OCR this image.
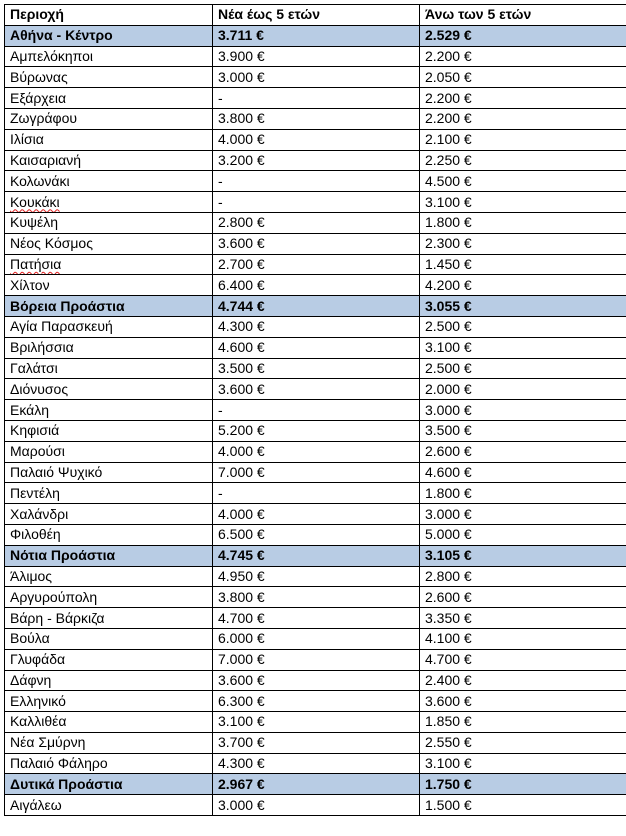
Περιοχή	Νέα έως 5 ετών	Άνω των 5 ετών
Αθήνα - Κέντρο	3.711 €	2.529 €
Αμπελόκηποι	3.900 €	2.200 €
Βύρωνας	3.000 €	2.050 €
Εξάρχεια	-	2.200 €
Ζωγράφου	3.800 €	2.200 €
Ιλίσια	4.000 €	2.100 €
Καισαριανή	3.200 €	2.250 €
Κολωνάκι	-	4.500 €
Κουκάκι	-	3.100 €
Κυψέλη	2.800 €	1.800 €
Νέος Κόσμος	3.600 €	2.300 €
Πατήσια	2.700 €	1.450 €
Χίλτον	6.400 €	4.200 €
Βόρεια Προάστια	4.744 €	3.055 €
Αγία Παρασκευή	4.300 €	2.500 €
Βριλήσσια	4.600 €	3.100 €
Γαλάτσι	3.500 €	2.500 €
Διόνυσος	3.600 €	2.000 €
Εκάλη	-	3.000 €
Κηφισιά	5.200 €	3.500 €
Μαρούσι	4.000 €	2.600 €
Παλαιό Ψυχικό	7.000 €	4.600 €
Πεντέλη	-	1.800 €
Χαλάνδρι	4.000 €	3.000 €
Φιλοθέη	6.500 €	5.000 €
Νότια Προάστια	4.745 €	3.105 €
Άλιμος	4.950 €	2.800 €
Αργυρούπολη	3.800 €	2.600 €
Βάρη - Βάρκιζα	4.700 €	3.350 €
Βούλα	6.000 €	4.100 €
Γλυφάδα	7.000 €	4.700 €
Δάφνη	3.600 €	2.400 €
Ελληνικό	6.300 €	3.600 €
Καλλιθέα	3.100 €	1.850 €
Νέα Σμύρνη	3.700 €	2.550 €
Παλαιό Φάληρο	4.300 €	3.100 €
Δυτικά Προάστια	2.967 €	1.750 €
Αιγάλεω	3.000 €	1.500 €
